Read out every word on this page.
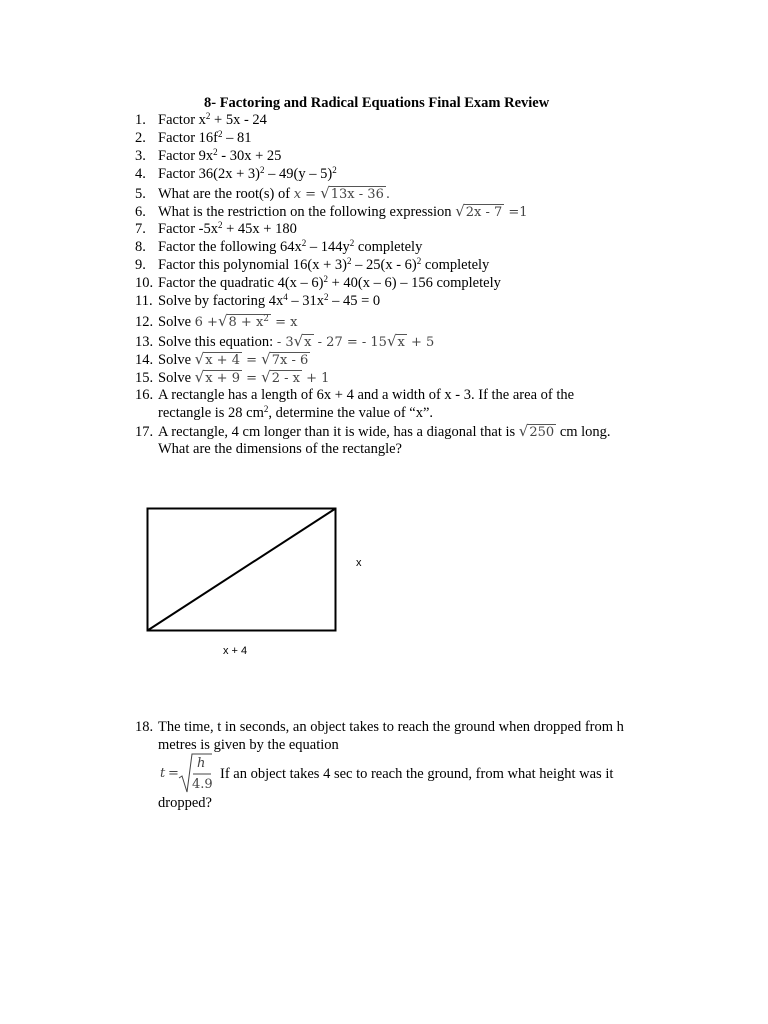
8- Factoring and Radical Equations Final Exam Review
1. Factor $x^2 + 5x - 24$
2. Factor $16f^2 - 81$
3. Factor $9x^2 - 30x + 25$
4. Factor $36(2x + 3)^2 - 49(y - 5)^2$
5. What are the root(s) of x = √13x - 36 .
6. What is the restriction on the following expression √2x - 7 =1
7. Factor $-5x^2 + 45x + 180$
8. Factor the following $64x^2 - 144y^2$ completely
9. Factor this polynomial $16(x + 3)^2 - 25(x - 6)^2$ completely
10. Factor the quadratic 4(x – 6)$^2$ + 40(x – 6) – 156 completely
11. Solve by factoring $4x^4 - 31x^2 - 45 = 0$
12. Solve $6 +√8 + x^2 = x$
13. Solve this equation: - 3√x - 27 = - 15√x + 5
14. Solve √x + 4 = √7x - 6
15. Solve √x + 9 = √2 - x + 1
16. A rectangle has a length of 6x + 4 and a width of x - 3. If the area of the
rectangle is 28 $cm^2$, determine the value of “x”.
17. A rectangle, 4 cm longer than it is wide, has a diagonal that is √250 cm long.
What are the dimensions of the rectangle?
x
x + 4
18. The time, t in seconds, an object takes to reach the ground when dropped from h
metres is given by the equation
t =
h
4.9
If an object takes 4 sec to reach the ground, from what height was it
dropped?
